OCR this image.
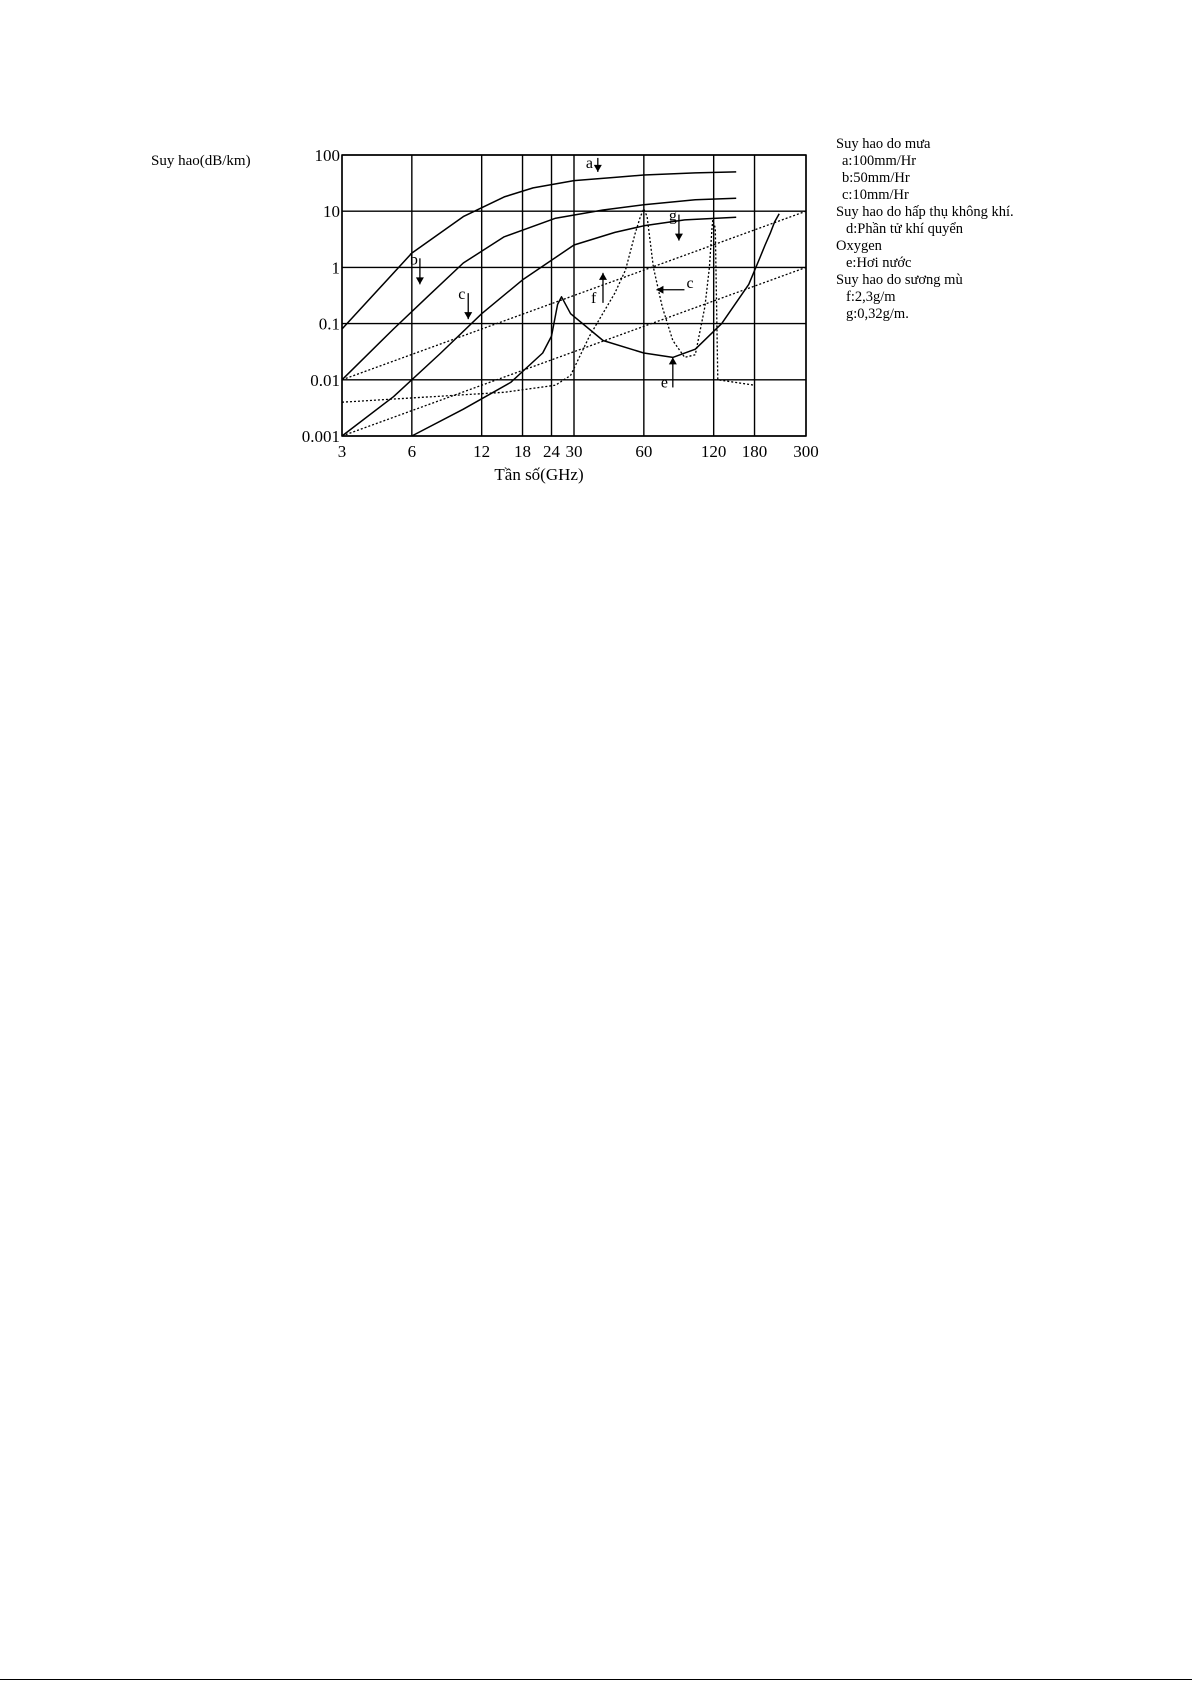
a
b
c	f
c
g
e
3	6	12 18 24 30	60	120 180 300
100
10
1
0.1
0.01
0.001
Suy hao(dB/km)
Tần số(GHz)
Suy hao do mưa
a:100mm/Hr
b:50mm/Hr
c:10mm/Hr
Suy hao do hấp thụ không khí.
d:Phần tử khí quyển
Oxygen
e:Hơi nước
Suy hao do sương mù
f:2,3g/m
g:0,32g/m.
